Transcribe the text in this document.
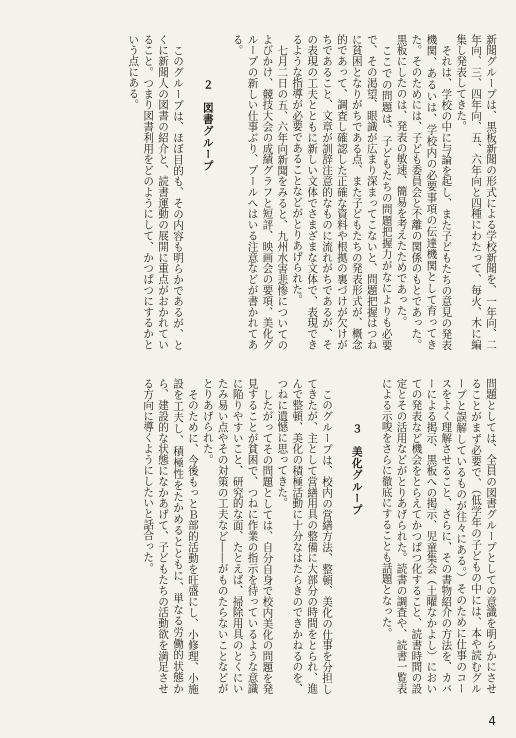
新聞グループは、黒板新聞の形式による学校新聞を、一年向、二年向、三、四年向、五、六年向と四種にわたって、毎火、木に編集し発表してきた。

それは、学校の中に与論を起し、また子どもたちの意見の発表機関、あるいは、学校内の必要事項の伝達機関として育ってきた。そのためには、子ども委員会と不離の関係のもとであった。黒板にしたのは、発表の敏速、簡易を考えたためであった。

ここでの問題は、子どもたちの問題把握力がなによりも必要で、その渇望、眼識が広まり深まってこないと、問題把握はつねに貧困となりがちである点、また子どもたちの発表形式が、概念的であって、調査し確認した正確な資料や根拠の裏づけが欠けがちであること、文章が訓辞注意的なものに流れがちであるが、その表現の工夫とともに新しい文体でさまざまな文体で、表現できるような指導が必要であることなどがとりあげられた。

七月二日の五、六年向新聞をみると、九州水害悲惨についてのよびかけ、競技大会の成績グラフと短評、映画会の要項、美化グループの新しい仕事ぶり、プールへはいる注意などが書かれてある。

２　図書グループ

このグループは、ほぼ目的も、その内容も明らかであるが、とくに新聞人の図書の紹介と、読書運動の展開に重点がおかれていること。つまり図書利用をどのようにして、かつぱつにするかという点にある。

問題としては、全員の図書グループとしての意識を明らかにさせることがまず必要で、（低学年の子どもの中には、本や読むグループと誤解しているものが往々にある。）そのために仕事のコースをよく理解させること、さらに、その書物紹介の方法を、カバーによる掲示、黒板への掲示、児童集会（土曜なかよし）においての発表など機会をとらえてかつぱつ化すること、読書時間の設定とその活用などがとりあげられた。読書の調査や、読書一覧表による示唆をさらに徹底にすることも話題となった。

３　美化グループ

このグループは、校内の営繕方法、整頓、美化の仕事を分担してきたが、主として営繕用具の整備に大部分の時間をとられ、進んで整頓、美化の積極活動に十分なはたらきのできかねるのを、つねに遺憾に思ってきた。

したがってその問題としては、自分自身で校内美化の問題を発見することが貧困で、つねに作業の指示を待っているような意識に陥りやすいこと、研究的な面、たとえば、掃除用具のとくにいたみ易い点やその対策の工夫など――がものたらないことなどがとりあげられた。

そのために、今後もっとＢ部的活動を旺盛にし、小修理、小施設を工夫し、積極性をたかめるとともに、単なる労働的状態から、建設的な状態になかあげて、子どもたちの活動欲を満足させる方向に導くようにしたいと話合った。

4
